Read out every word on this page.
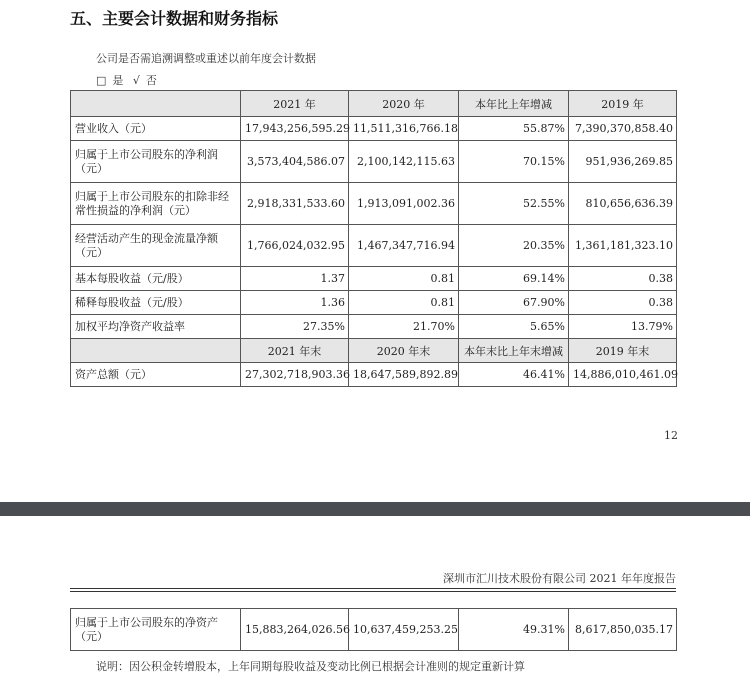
五、主要会计数据和财务指标
公司是否需追溯调整或重述以前年度会计数据
□ 是 √ 否
	2021 年	2020 年	本年比上年增减	2019 年
营业收入（元）	17,943,256,595.29	11,511,316,766.18	55.87%	7,390,370,858.40
归属于上市公司股东的净利润（元）	3,573,404,586.07	2,100,142,115.63	70.15%	951,936,269.85
归属于上市公司股东的扣除非经常性损益的净利润（元）	2,918,331,533.60	1,913,091,002.36	52.55%	810,656,636.39
经营活动产生的现金流量净额（元）	1,766,024,032.95	1,467,347,716.94	20.35%	1,361,181,323.10
基本每股收益（元/股）	1.37	0.81	69.14%	0.38
稀释每股收益（元/股）	1.36	0.81	67.90%	0.38
加权平均净资产收益率	27.35%	21.70%	5.65%	13.79%
	2021 年末	2020 年末	本年末比上年末增减	2019 年末
资产总额（元）	27,302,718,903.36	18,647,589,892.89	46.41%	14,886,010,461.09
12
深圳市汇川技术股份有限公司 2021 年年度报告
归属于上市公司股东的净资产（元）	15,883,264,026.56	10,637,459,253.25	49.31%	8,617,850,035.17
说明：因公积金转增股本，上年同期每股收益及变动比例已根据会计准则的规定重新计算
